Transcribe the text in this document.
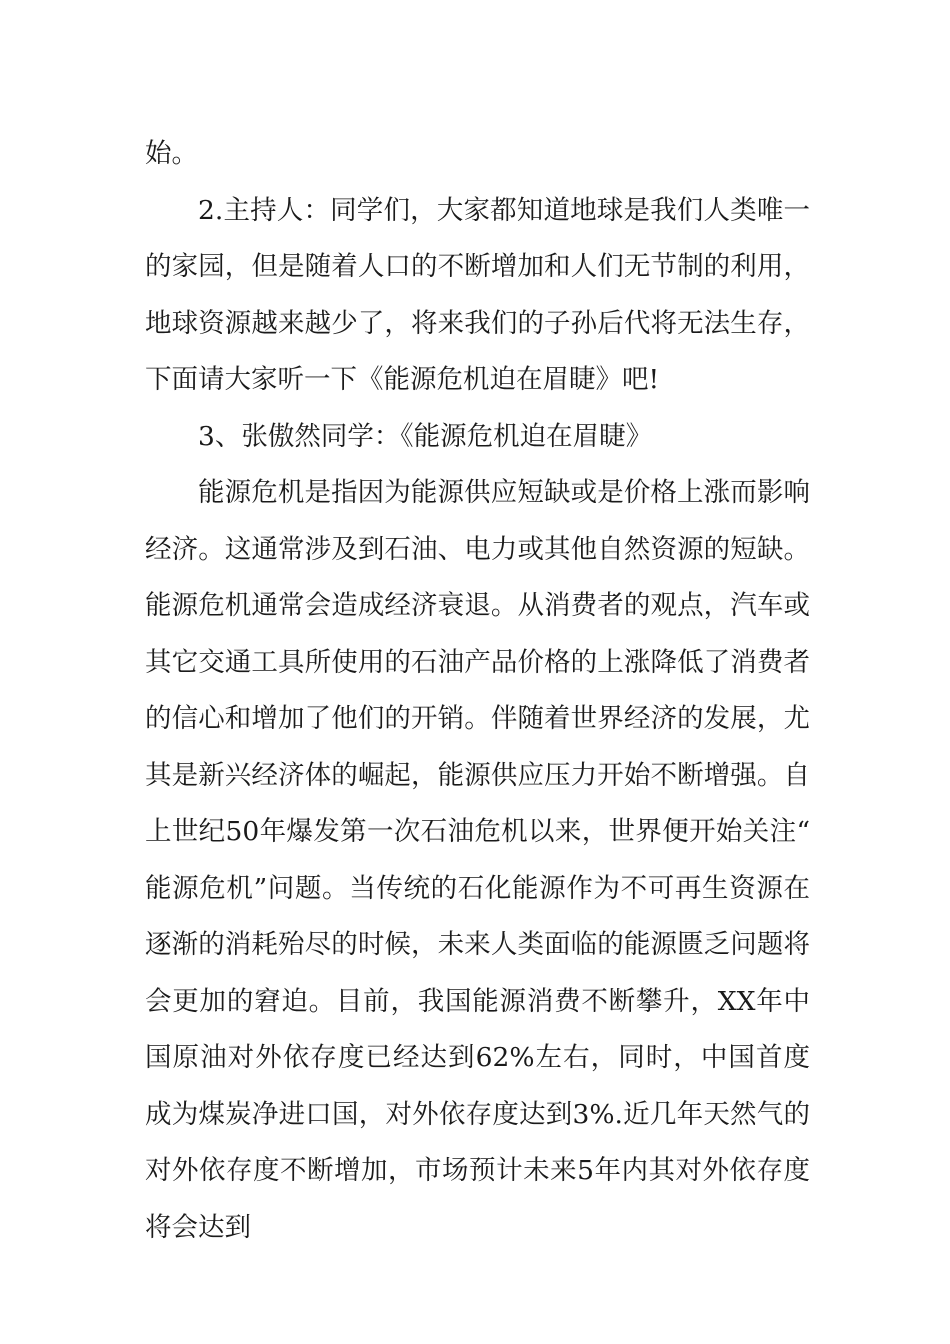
始。

2.主持人：同学们，大家都知道地球是我们人类唯一的家园，但是随着人口的不断增加和人们无节制的利用，地球资源越来越少了，将来我们的子孙后代将无法生存，下面请大家听一下《能源危机迫在眉睫》吧!

3、张傲然同学：《能源危机迫在眉睫》

能源危机是指因为能源供应短缺或是价格上涨而影响经济。这通常涉及到石油、电力或其他自然资源的短缺。能源危机通常会造成经济衰退。从消费者的观点，汽车或其它交通工具所使用的石油产品价格的上涨降低了消费者的信心和增加了他们的开销。伴随着世界经济的发展，尤其是新兴经济体的崛起，能源供应压力开始不断增强。自上世纪50年爆发第一次石油危机以来，世界便开始关注“能源危机”问题。当传统的石化能源作为不可再生资源在逐渐的消耗殆尽的时候，未来人类面临的能源匮乏问题将会更加的窘迫。目前，我国能源消费不断攀升，XX年中国原油对外依存度已经达到62%左右，同时，中国首度成为煤炭净进口国，对外依存度达到3%.近几年天然气的对外依存度不断增加，市场预计未来5年内其对外依存度将会达到
